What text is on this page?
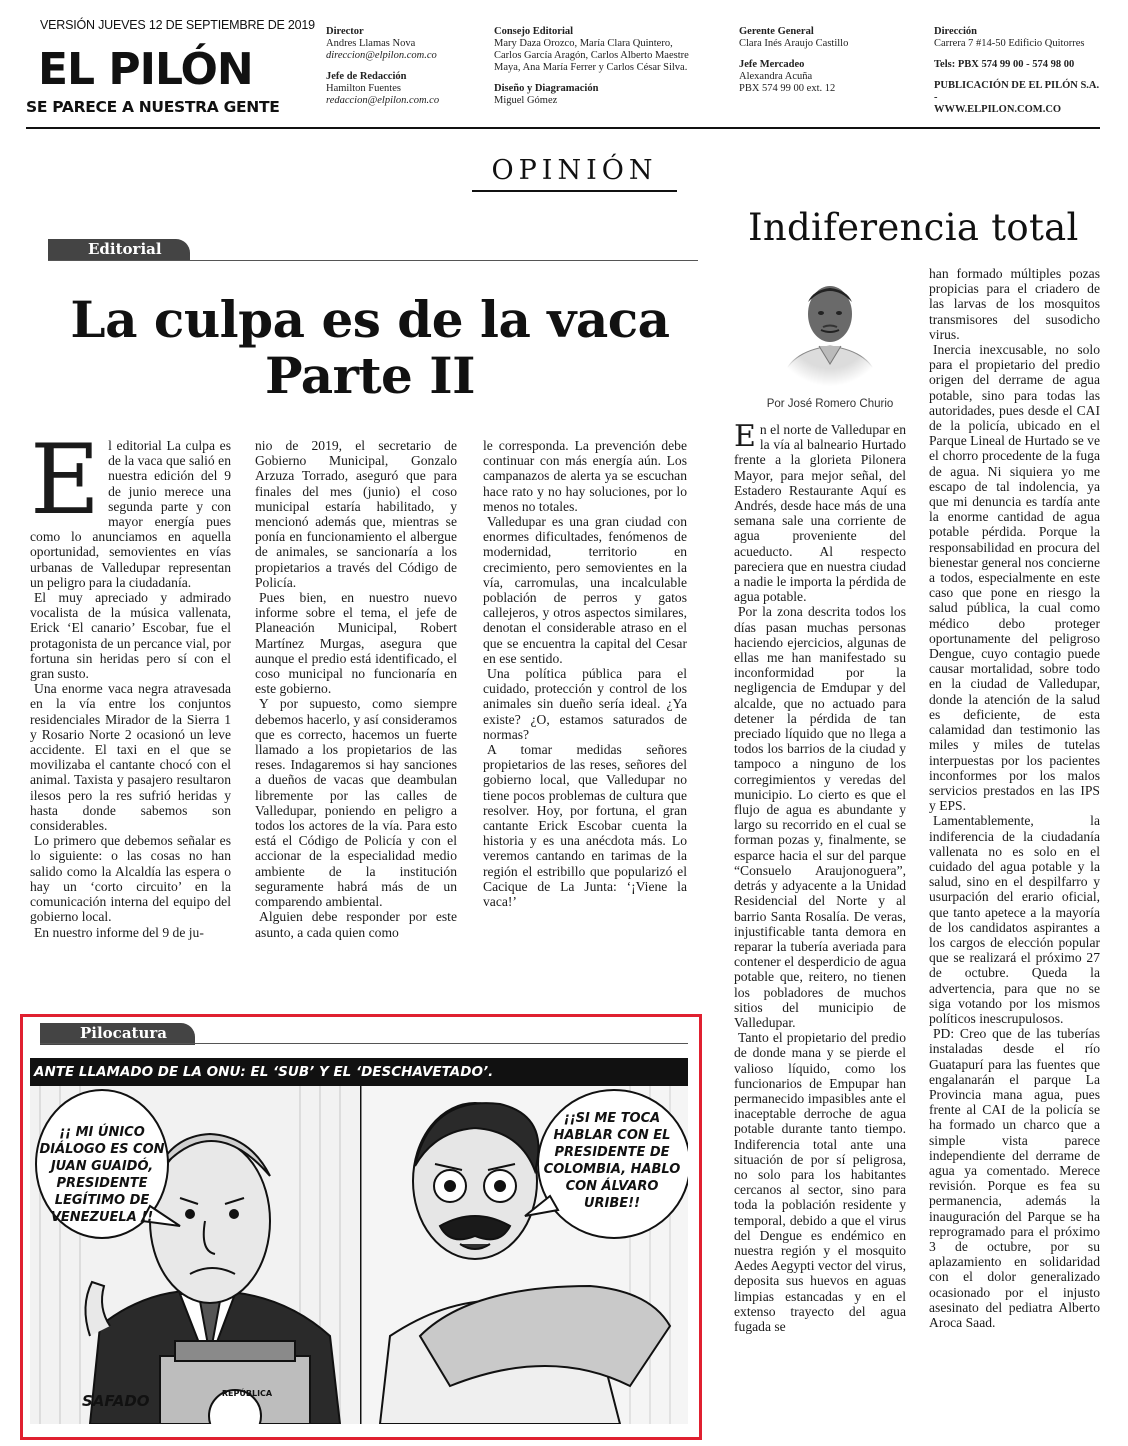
VERSIÓN JUEVES 12 DE SEPTIEMBRE DE 2019
EL PILÓN
SE PARECE A NUESTRA GENTE
Director
Andres Llamas Nova
direccion@elpilon.com.co
Jefe de Redacción
Hamilton Fuentes
redaccion@elpilon.com.co
Consejo Editorial
Mary Daza Orozco, María Clara Quintero,
Carlos García Aragón, Carlos Alberto Maestre
Maya, Ana María Ferrer y Carlos César Silva.
Diseño y Diagramación
Miguel Gómez
Gerente General
Clara Inés Araujo Castillo
Jefe Mercadeo
Alexandra Acuña
PBX 574 99 00 ext. 12
Dirección
Carrera 7 #14-50 Edificio Quitorres
Tels: PBX 574 99 00 - 574 98 00
PUBLICACIÓN DE EL PILÓN S.A. -
WWW.ELPILON.COM.CO
OPINIÓN
Editorial
La culpa es de la vaca
Parte II
E l editorial La culpa es de la vaca que salió en nuestra edición del 9 de junio merece una segunda parte y con mayor energía pues como lo anunciamos en aquella oportunidad, semovientes en vías urbanas de Valledupar representan un peligro para la ciudadanía.

El muy apreciado y admirado vocalista de la música vallenata, Erick ‘El canario’ Escobar, fue el protagonista de un percance vial, por fortuna sin heridas pero sí con el gran susto.

Una enorme vaca negra atravesada en la vía entre los conjuntos residenciales Mirador de la Sierra 1 y Rosario Norte 2 ocasionó un leve accidente. El taxi en el que se movilizaba el cantante chocó con el animal. Taxista y pasajero resultaron ilesos pero la res sufrió heridas y hasta donde sabemos son considerables.

Lo primero que debemos señalar es lo siguiente: o las cosas no han salido como la Alcaldía las espera o hay un ‘corto circuito’ en la comunicación interna del equipo del gobierno local.

En nuestro informe del 9 de ju-

nio de 2019, el secretario de Gobierno Municipal, Gonzalo Arzuza Torrado, aseguró que para finales del mes (junio) el coso municipal estaría habilitado, y mencionó además que, mientras se ponía en funcionamiento el albergue de animales, se sancionaría a los propietarios a través del Código de Policía.

Pues bien, en nuestro nuevo informe sobre el tema, el jefe de Planeación Municipal, Robert Martínez Murgas, asegura que aunque el predio está identificado, el coso municipal no funcionaría en este gobierno.

Y por supuesto, como siempre debemos hacerlo, y así consideramos que es correcto, hacemos un fuerte llamado a los propietarios de las reses. Indagaremos si hay sanciones a dueños de vacas que deambulan libremente por las calles de Valledupar, poniendo en peligro a todos los actores de la vía. Para esto está el Código de Policía y con el accionar de la especialidad medio ambiente de la institución seguramente habrá más de un comparendo ambiental.

Alguien debe responder por este asunto, a cada quien como

le corresponda. La prevención debe continuar con más energía aún. Los campanazos de alerta ya se escuchan hace rato y no hay soluciones, por lo menos no totales.

Valledupar es una gran ciudad con enormes dificultades, fenómenos de modernidad, territorio en crecimiento, pero semovientes en la vía, carromulas, una incalculable población de perros y gatos callejeros, y otros aspectos similares, denotan el considerable atraso en el que se encuentra la capital del Cesar en ese sentido.

Una política pública para el cuidado, protección y control de los animales sin dueño sería ideal. ¿Ya existe? ¿O, estamos saturados de normas?

A tomar medidas señores propietarios de las reses, señores del gobierno local, que Valledupar no tiene pocos problemas de cultura que resolver. Hoy, por fortuna, el gran cantante Erick Escobar cuenta la historia y es una anécdota más. Lo veremos cantando en tarimas de la región el estribillo que popularizó el Cacique de La Junta: ‘¡Viene la vaca!’

Indiferencia total
Por José Romero Churio
E n el norte de Valledupar en la vía al balneario Hurtado frente a la glorieta Pilonera Mayor, para mejor señal, del Estadero Restaurante Aquí es Andrés, desde hace más de una semana sale una corriente de agua proveniente del acueducto. Al respecto pareciera que en nuestra ciudad a nadie le importa la pérdida de agua potable.

Por la zona descrita todos los días pasan muchas personas haciendo ejercicios, algunas de ellas me han manifestado su inconformidad por la negligencia de Emdupar y del alcalde, que no actuado para detener la pérdida de tan preciado líquido que no llega a todos los barrios de la ciudad y tampoco a ninguno de los corregimientos y veredas del municipio. Lo cierto es que el flujo de agua es abundante y largo su recorrido en el cual se forman pozas y, finalmente, se esparce hacia el sur del parque “Consuelo Araujonoguera”, detrás y adyacente a la Unidad Residencial del Norte y al barrio Santa Rosalía. De veras, injustificable tanta demora en reparar la tubería averiada para contener el desperdicio de agua potable que, reitero, no tienen los pobladores de muchos sitios del municipio de Valledupar.

Tanto el propietario del predio de donde mana y se pierde el valioso líquido, como los funcionarios de Empupar han permanecido impasibles ante el inaceptable derroche de agua potable durante tanto tiempo. Indiferencia total ante una situación de por sí peligrosa, no solo para los habitantes cercanos al sector, sino para toda la población residente y temporal, debido a que el virus del Dengue es endémico en nuestra región y el mosquito Aedes Aegypti vector del virus, deposita sus huevos en aguas limpias estancadas y en el extenso trayecto del agua fugada se

han formado múltiples pozas propicias para el criadero de las larvas de los mosquitos transmisores del susodicho virus.

Inercia inexcusable, no solo para el propietario del predio origen del derrame de agua potable, sino para todas las autoridades, pues desde el CAI de la policía, ubicado en el Parque Lineal de Hurtado se ve el chorro procedente de la fuga de agua. Ni siquiera yo me escapo de tal indolencia, ya que mi denuncia es tardía ante la enorme cantidad de agua potable pérdida. Porque la responsabilidad en procura del bienestar general nos concierne a todos, especialmente en este caso que pone en riesgo la salud pública, la cual como médico debo proteger oportunamente del peligroso Dengue, cuyo contagio puede causar mortalidad, sobre todo en la ciudad de Valledupar, donde la atención de la salud es deficiente, de esta calamidad dan testimonio las miles y miles de tutelas interpuestas por los pacientes inconformes por los malos servicios prestados en las IPS y EPS.

Lamentablemente, la indiferencia de la ciudadanía vallenata no es solo en el cuidado del agua potable y la salud, sino en el despilfarro y usurpación del erario oficial, que tanto apetece a la mayoría de los candidatos aspirantes a los cargos de elección popular que se realizará el próximo 27 de octubre. Queda la advertencia, para que no se siga votando por los mismos políticos inescrupulosos.

PD: Creo que de las tuberías instaladas desde el río Guatapurí para las fuentes que engalanarán el parque La Provincia mana agua, pues frente al CAI de la policía se ha formado un charco que a simple vista parece independiente del derrame de agua ya comentado. Merece revisión. Porque es fea su permanencia, además la inauguración del Parque se ha reprogramado para el próximo 3 de octubre, por su aplazamiento en solidaridad con el dolor generalizado ocasionado por el injusto asesinato del pediatra Alberto Aroca Saad.

Pilocatura
ANTE LLAMADO DE LA ONU: EL ‘SUB’ Y EL ‘DESCHAVETADO’.
¡¡ MI ÚNICO DIÁLOGO ES CON JUAN GUAIDÓ, PRESIDENTE LEGÍTIMO DE VENEZUELA !!
¡¡SI ME TOCA HABLAR CON EL PRESIDENTE DE COLOMBIA, HABLO CON ÁLVARO URIBE!!
SAFADO	REPÚBLICA
